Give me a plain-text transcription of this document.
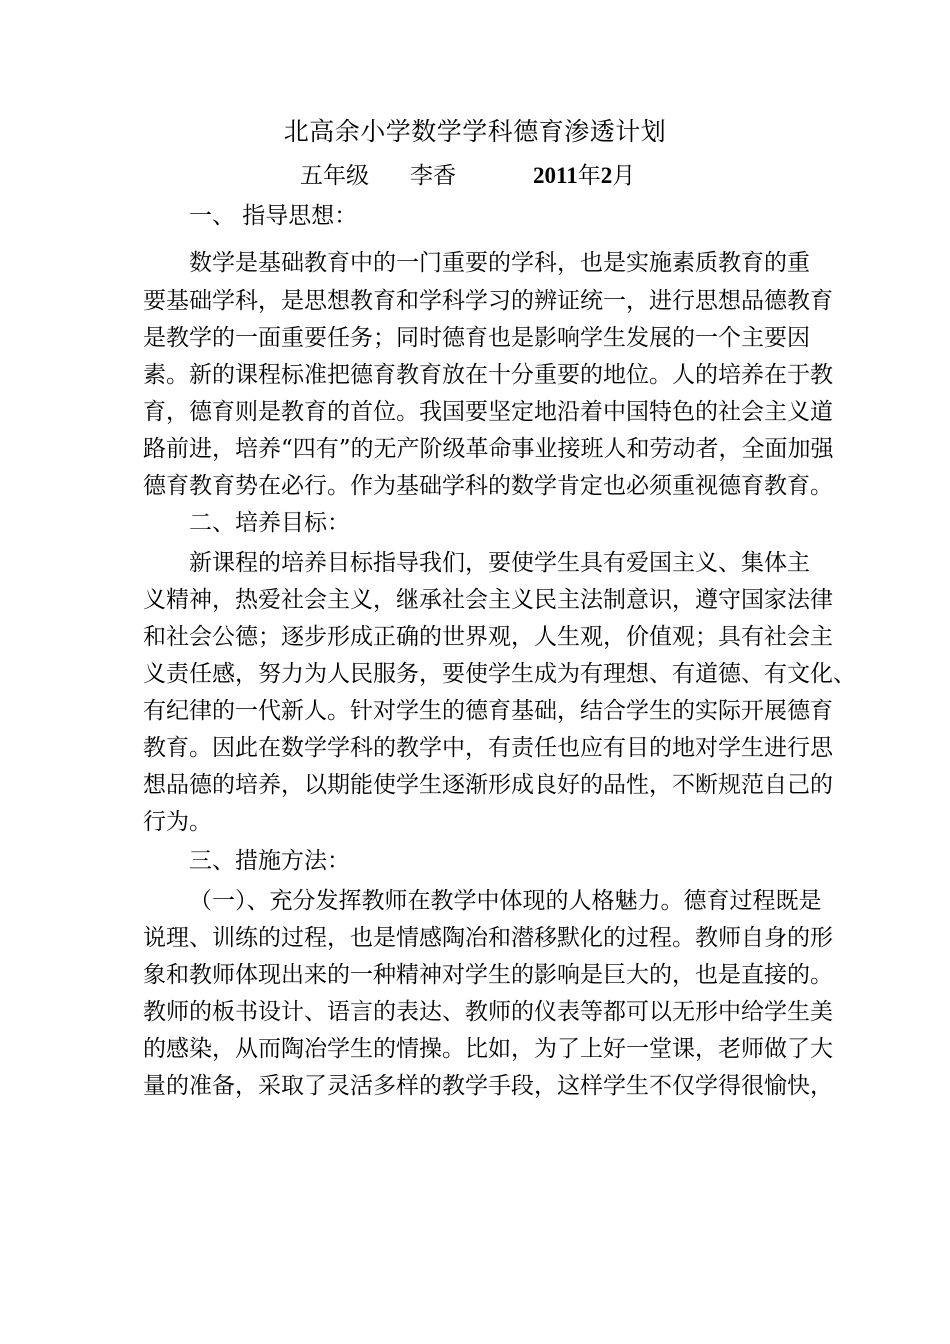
北高余小学数学学科德育渗透计划
五年级 李香	2011年2月
一、 指导思想：
数学是基础教育中的一门重要的学科，也是实施素质教育的重
要基础学科，是思想教育和学科学习的辨证统一，进行思想品德教育
是教学的一面重要任务；同时德育也是影响学生发展的一个主要因
素。新的课程标准把德育教育放在十分重要的地位。人的培养在于教
育，德育则是教育的首位。我国要坚定地沿着中国特色的社会主义道
路前进，培养“四有”的无产阶级革命事业接班人和劳动者，全面加强
德育教育势在必行。作为基础学科的数学肯定也必须重视德育教育。
二、培养目标：
新课程的培养目标指导我们，要使学生具有爱国主义、集体主
义精神，热爱社会主义，继承社会主义民主法制意识，遵守国家法律
和社会公德；逐步形成正确的世界观，人生观，价值观；具有社会主
义责任感，努力为人民服务，要使学生成为有理想、有道德、有文化、
有纪律的一代新人。针对学生的德育基础，结合学生的实际开展德育
教育。因此在数学学科的教学中，有责任也应有目的地对学生进行思
想品德的培养，以期能使学生逐渐形成良好的品性，不断规范自己的
行为。
三、措施方法：
（一）、充分发挥教师在教学中体现的人格魅力。德育过程既是
说理、训练的过程，也是情感陶冶和潜移默化的过程。教师自身的形
象和教师体现出来的一种精神对学生的影响是巨大的，也是直接的。
教师的板书设计、语言的表达、教师的仪表等都可以无形中给学生美
的感染，从而陶冶学生的情操。比如，为了上好一堂课，老师做了大
量的准备，采取了灵活多样的教学手段，这样学生不仅学得很愉快，
